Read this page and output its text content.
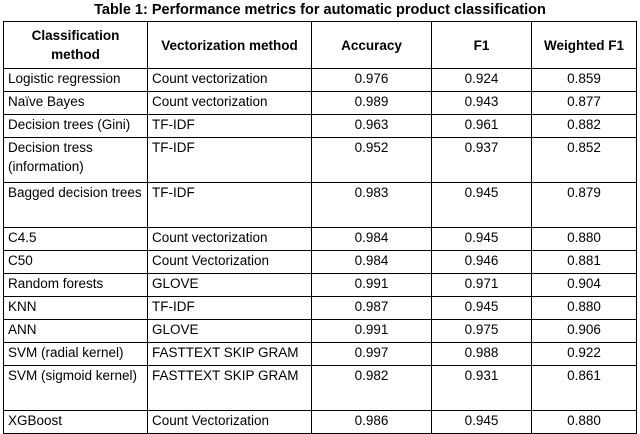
Table 1: Performance metrics for automatic product classification
Classification method	Vectorization method	Accuracy	F1	Weighted F1
Logistic regression	Count vectorization	0.976	0.924	0.859
Naïve Bayes	Count vectorization	0.989	0.943	0.877
Decision trees (Gini)	TF-IDF	0.963	0.961	0.882
Decision tress (information)	TF-IDF	0.952	0.937	0.852
Bagged decision trees	TF-IDF	0.983	0.945	0.879
C4.5	Count vectorization	0.984	0.945	0.880
C50	Count Vectorization	0.984	0.946	0.881
Random forests	GLOVE	0.991	0.971	0.904
KNN	TF-IDF	0.987	0.945	0.880
ANN	GLOVE	0.991	0.975	0.906
SVM (radial kernel)	FASTTEXT SKIP GRAM	0.997	0.988	0.922
SVM (sigmoid kernel)	FASTTEXT SKIP GRAM	0.982	0.931	0.861
XGBoost	Count Vectorization	0.986	0.945	0.880
